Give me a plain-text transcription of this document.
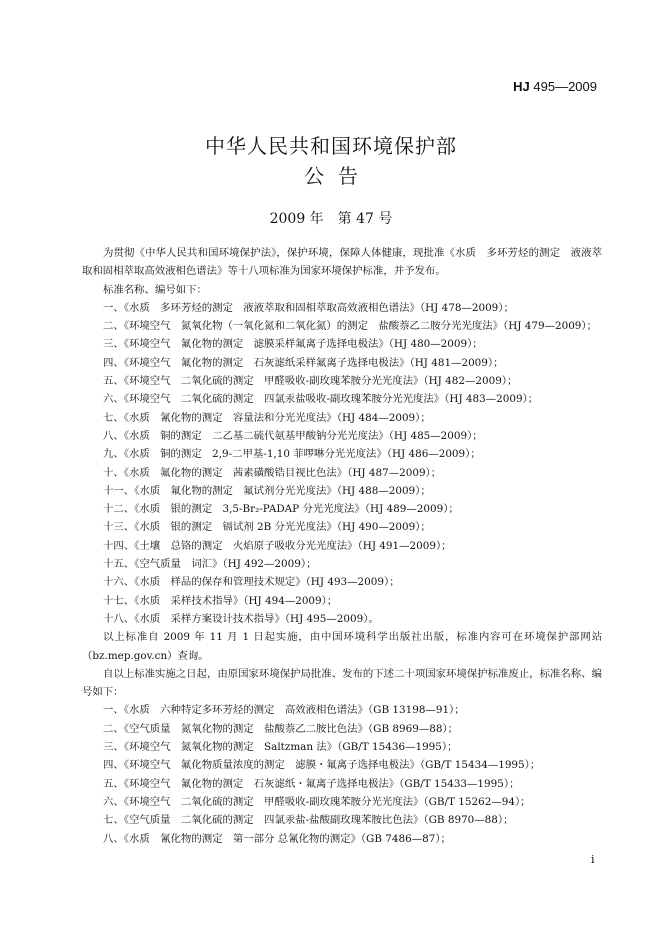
HJ 495—2009
中华人民共和国环境保护部
公告
2009 年　第 47 号

为贯彻《中华人民共和国环境保护法》，保护环境，保障人体健康，现批准《水质　多环芳烃的测定　液液萃取和固相萃取高效液相色谱法》等十八项标准为国家环境保护标准，并予发布。

标准名称、编号如下：

一、《水质　多环芳烃的测定　液液萃取和固相萃取高效液相色谱法》（HJ 478—2009）；

二、《环境空气　氮氧化物（一氧化氮和二氧化氮）的测定　盐酸萘乙二胺分光光度法》（HJ 479—2009）；

三、《环境空气　氟化物的测定　滤膜采样氟离子选择电极法》（HJ 480—2009）；

四、《环境空气　氟化物的测定　石灰滤纸采样氟离子选择电极法》（HJ 481—2009）；

五、《环境空气　二氧化硫的测定　甲醛吸收-副玫瑰苯胺分光光度法》（HJ 482—2009）；

六、《环境空气　二氧化硫的测定　四氯汞盐吸收-副玫瑰苯胺分光光度法》（HJ 483—2009）；

七、《水质　氰化物的测定　容量法和分光光度法》（HJ 484—2009）；

八、《水质　铜的测定　二乙基二硫代氨基甲酸钠分光光度法》（HJ 485—2009）；

九、《水质　铜的测定　2,9-二甲基-1,10 菲啰啉分光光度法》（HJ 486—2009）；

十、《水质　氟化物的测定　茜素磺酸锆目视比色法》（HJ 487—2009）；

十一、《水质　氟化物的测定　氟试剂分光光度法》（HJ 488—2009）；

十二、《水质　银的测定　3,5-Br₂-PADAP 分光光度法》（HJ 489—2009）；

十三、《水质　银的测定　镉试剂 2B 分光光度法》（HJ 490—2009）；

十四、《土壤　总铬的测定　火焰原子吸收分光光度法》（HJ 491—2009）；

十五、《空气质量　词汇》（HJ 492—2009）；

十六、《水质　样品的保存和管理技术规定》（HJ 493—2009）；

十七、《水质　采样技术指导》（HJ 494—2009）；

十八、《水质　采样方案设计技术指导》（HJ 495—2009）。

以上标准自 2009 年 11 月 1 日起实施，由中国环境科学出版社出版，标准内容可在环境保护部网站（bz.mep.gov.cn）查询。

自以上标准实施之日起，由原国家环境保护局批准、发布的下述二十项国家环境保护标准废止，标准名称、编号如下：

一、《水质　六种特定多环芳烃的测定　高效液相色谱法》（GB 13198—91）；

二、《空气质量　氮氧化物的测定　盐酸萘乙二胺比色法》（GB 8969—88）；

三、《环境空气　氮氧化物的测定　Saltzman 法》（GB/T 15436—1995）；

四、《环境空气　氟化物质量浓度的测定　滤膜・氟离子选择电极法》（GB/T 15434—1995）；

五、《环境空气　氟化物的测定　石灰滤纸・氟离子选择电极法》（GB/T 15433—1995）；

六、《环境空气　二氧化硫的测定　甲醛吸收-副玫瑰苯胺分光光度法》（GB/T 15262—94）；

七、《空气质量　二氧化硫的测定　四氯汞盐-盐酸副玫瑰苯胺比色法》（GB 8970—88）；

八、《水质　氰化物的测定　第一部分 总氰化物的测定》（GB 7486—87）；

i
